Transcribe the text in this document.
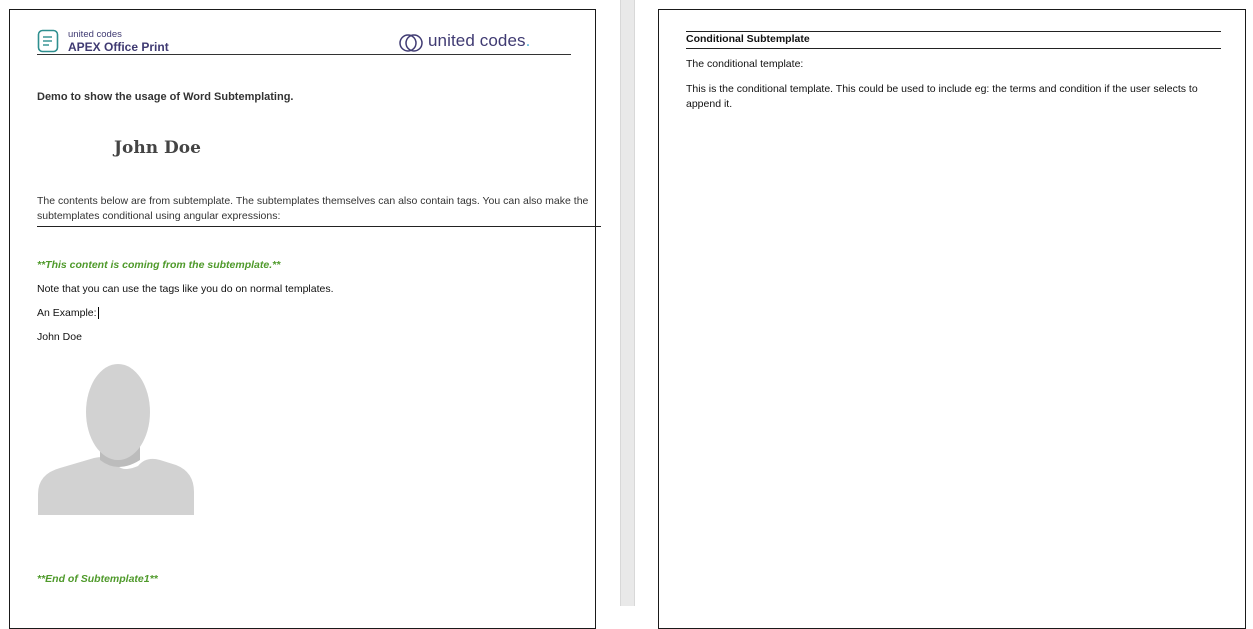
united codes
APEX Office Print	united codes.
Demo to show the usage of Word Subtemplating.
John Doe
The contents below are from subtemplate. The subtemplates themselves can also contain tags. You can also make the subtemplates conditional using angular expressions:
**This content is coming from the subtemplate.**
Note that you can use the tags like you do on normal templates.
An Example:
John Doe
**End of Subtemplate1**
Conditional Subtemplate
The conditional template:
This is the conditional template. This could be used to include eg: the terms and condition if the user selects to append it.
